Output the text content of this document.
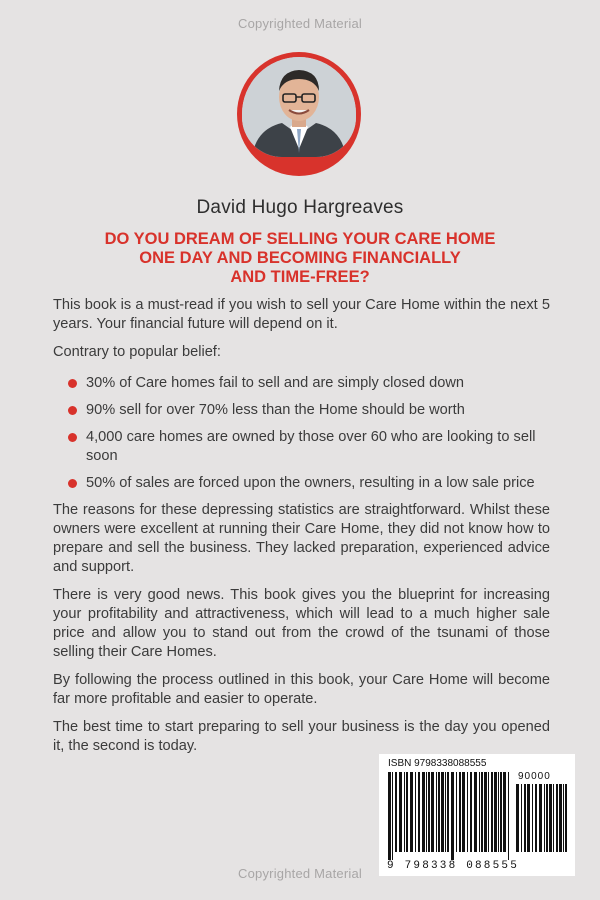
Copyrighted Material
David Hugo Hargreaves
DO YOU DREAM OF SELLING YOUR CARE HOME
ONE DAY AND BECOMING FINANCIALLY
AND TIME-FREE?

This book is a must-read if you wish to sell your Care Home within the next 5 years. Your financial future will depend on it.

Contrary to popular belief:

30% of Care homes fail to sell and are simply closed down
90% sell for over 70% less than the Home should be worth
4,000 care homes are owned by those over 60 who are looking to sell soon
50% of sales are forced upon the owners, resulting in a low sale price

The reasons for these depressing statistics are straightforward. Whilst these owners were excellent at running their Care Home, they did not know how to prepare and sell the business. They lacked preparation, experienced advice and support.

There is very good news. This book gives you the blueprint for increasing your profitability and attractiveness, which will lead to a much higher sale price and allow you to stand out from the crowd of the tsunami of those selling their Care Homes.

By following the process outlined in this book, your Care Home will become far more profitable and easier to operate.

The best time to start preparing to sell your business is the day you opened it, the second is today.

ISBN 9798338088555
90000
9 798338 088555
Copyrighted Material
